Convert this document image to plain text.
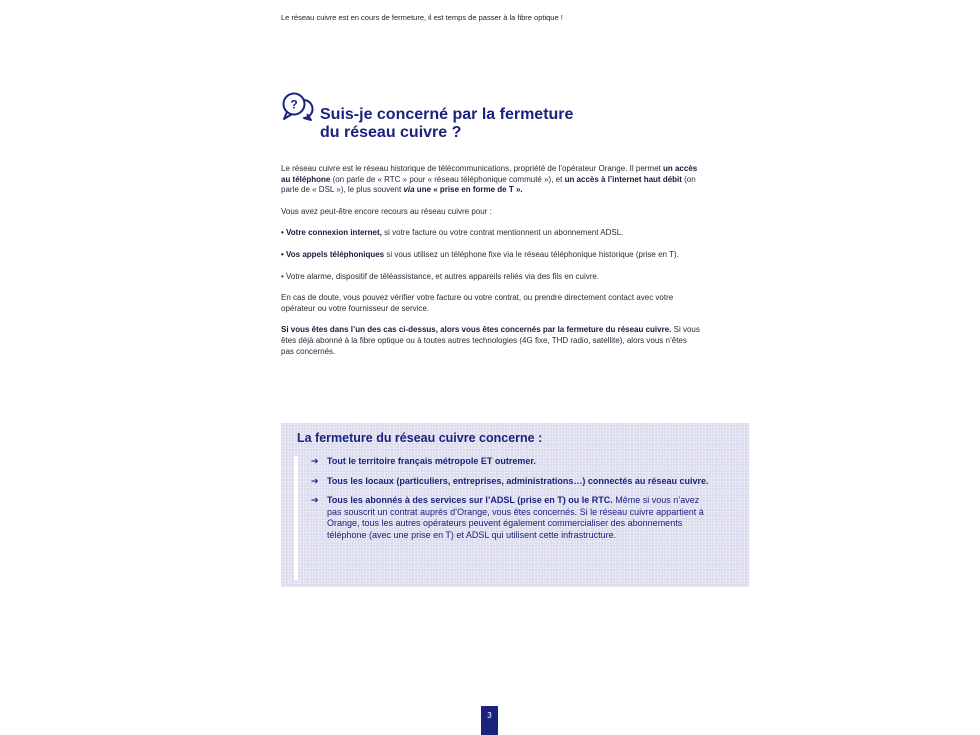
Le réseau cuivre est en cours de fermeture, il est temps de passer à la fibre optique !
?
Suis-je concerné par la fermeture
du réseau cuivre ?

Le réseau cuivre est le réseau historique de télécommunications, propriété de l’opérateur Orange. Il permet un accès au téléphone (on parle de « RTC » pour « réseau téléphonique commuté »), et un accès à l’internet haut débit (on parle de « DSL »), le plus souvent via une « prise en forme de T ».

Vous avez peut-être encore recours au réseau cuivre pour :

• Votre connexion internet, si votre facture ou votre contrat mentionnent un abonnement ADSL.

• Vos appels téléphoniques si vous utilisez un téléphone fixe via le réseau téléphonique historique (prise en T).

• Votre alarme, dispositif de téléassistance, et autres appareils reliés via des fils en cuivre.

En cas de doute, vous pouvez vérifier votre facture ou votre contrat, ou prendre directement contact avec votre opérateur ou votre fournisseur de service.

Si vous êtes dans l’un des cas ci-dessus, alors vous êtes concernés par la fermeture du réseau cuivre. Si vous êtes déjà abonné à la fibre optique ou à toutes autres technologies (4G fixe, THD radio, satellite), alors vous n’êtes pas concernés.

La fermeture du réseau cuivre concerne :
➔ Tout le territoire français métropole ET outremer.
➔ Tous les locaux (particuliers, entreprises, administrations…) connectés au réseau cuivre.
➔ Tous les abonnés à des services sur l’ADSL (prise en T) ou le RTC. Même si vous n’avez pas souscrit un contrat auprès d’Orange, vous êtes concernés. Si le réseau cuivre appartient à Orange, tous les autres opérateurs peuvent également commercialiser des abonnements téléphone (avec une prise en T) et ADSL qui utilisent cette infrastructure.
3
